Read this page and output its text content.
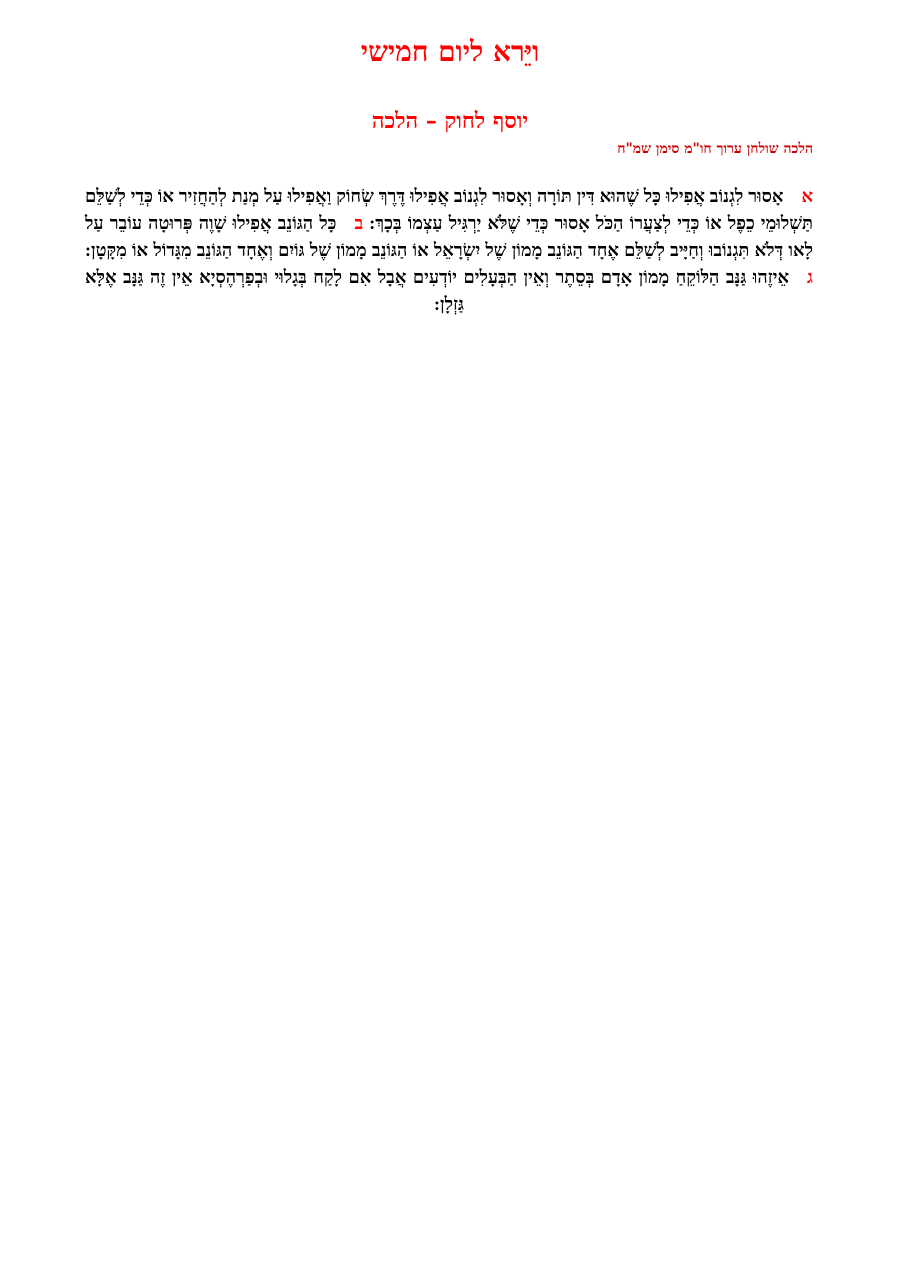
ויֵּרא ליום חמישי
יוסף לחוק – הלכה
הלכה שולחן ערוך חו"מ סימן שמ"ח

אאָסוּר לִגְנוֹב אֲפִילוּ כָּל שֶׁהוּא דִּין תּוֹרָה וְאָסוּר לִגְנוֹב אֲפִילוּ דֶּרֶךְ שְׂחוֹק וַאֲפִילוּ עַל מְנַת לְהַחֲזִיר אוֹ כְּדֵי לְשַׁלֵּם תַּשְׁלוּמֵי כֵפֶל אוֹ כְּדֵי לְצַעֲרוֹ הַכֹּל אָסוּר כְּדֵי שֶׁלֹּא יַרְגִּיל עַצְמוֹ בְּכָךְ: בכָּל הַגּוֹנֵב אֲפִילוּ שָׁוֶה פְּרוּטָה עוֹבֵר עַל לָאו דְּלֹא תִּגְנוֹבוּ וְחַיָּיב לְשַׁלֵּם אֶחָד הַגּוֹנֵב מָמוֹן שֶׁל יִשְׂרָאֵל אוֹ הַגּוֹנֵב מָמוֹן שֶׁל גּוֹיִם וְאֶחָד הַגּוֹנֵב מִגָּדוֹל אוֹ מִקָּטָן: גאֵיזֶהוּ גַּנָּב הַלּוֹקֵחַ מָמוֹן אָדָם בְּסֵתֶר וְאֵין הַבְּעָלִים יוֹדְעִים אֲבָל אִם לָקַח בְּגָלוּי וּבְפַרְהֶסְיָא אֵין זֶה גַּנָּב אֶלָּא גַּזְלָן:
